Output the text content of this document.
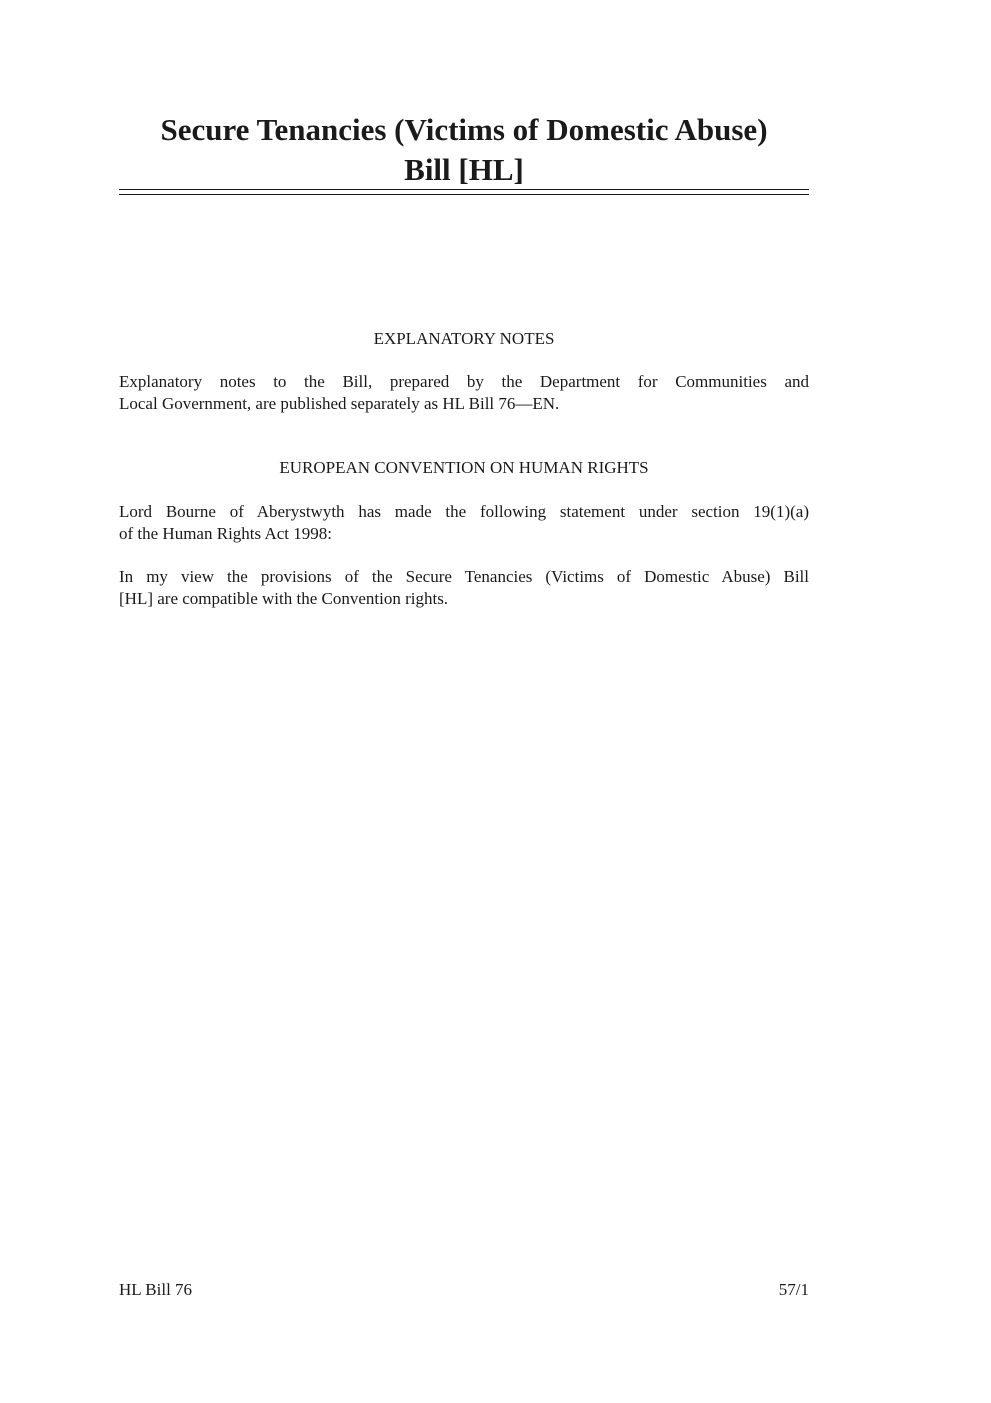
Secure Tenancies (Victims of Domestic Abuse)
Bill [HL]

EXPLANATORY NOTES

Explanatory notes to the Bill, prepared by the Department for Communities and
Local Government, are published separately as HL Bill 76—EN.

EUROPEAN CONVENTION ON HUMAN RIGHTS

Lord Bourne of Aberystwyth has made the following statement under section 19(1)(a)
of the Human Rights Act 1998:

In my view the provisions of the Secure Tenancies (Victims of Domestic Abuse) Bill
[HL] are compatible with the Convention rights.

HL Bill 76	57/1
